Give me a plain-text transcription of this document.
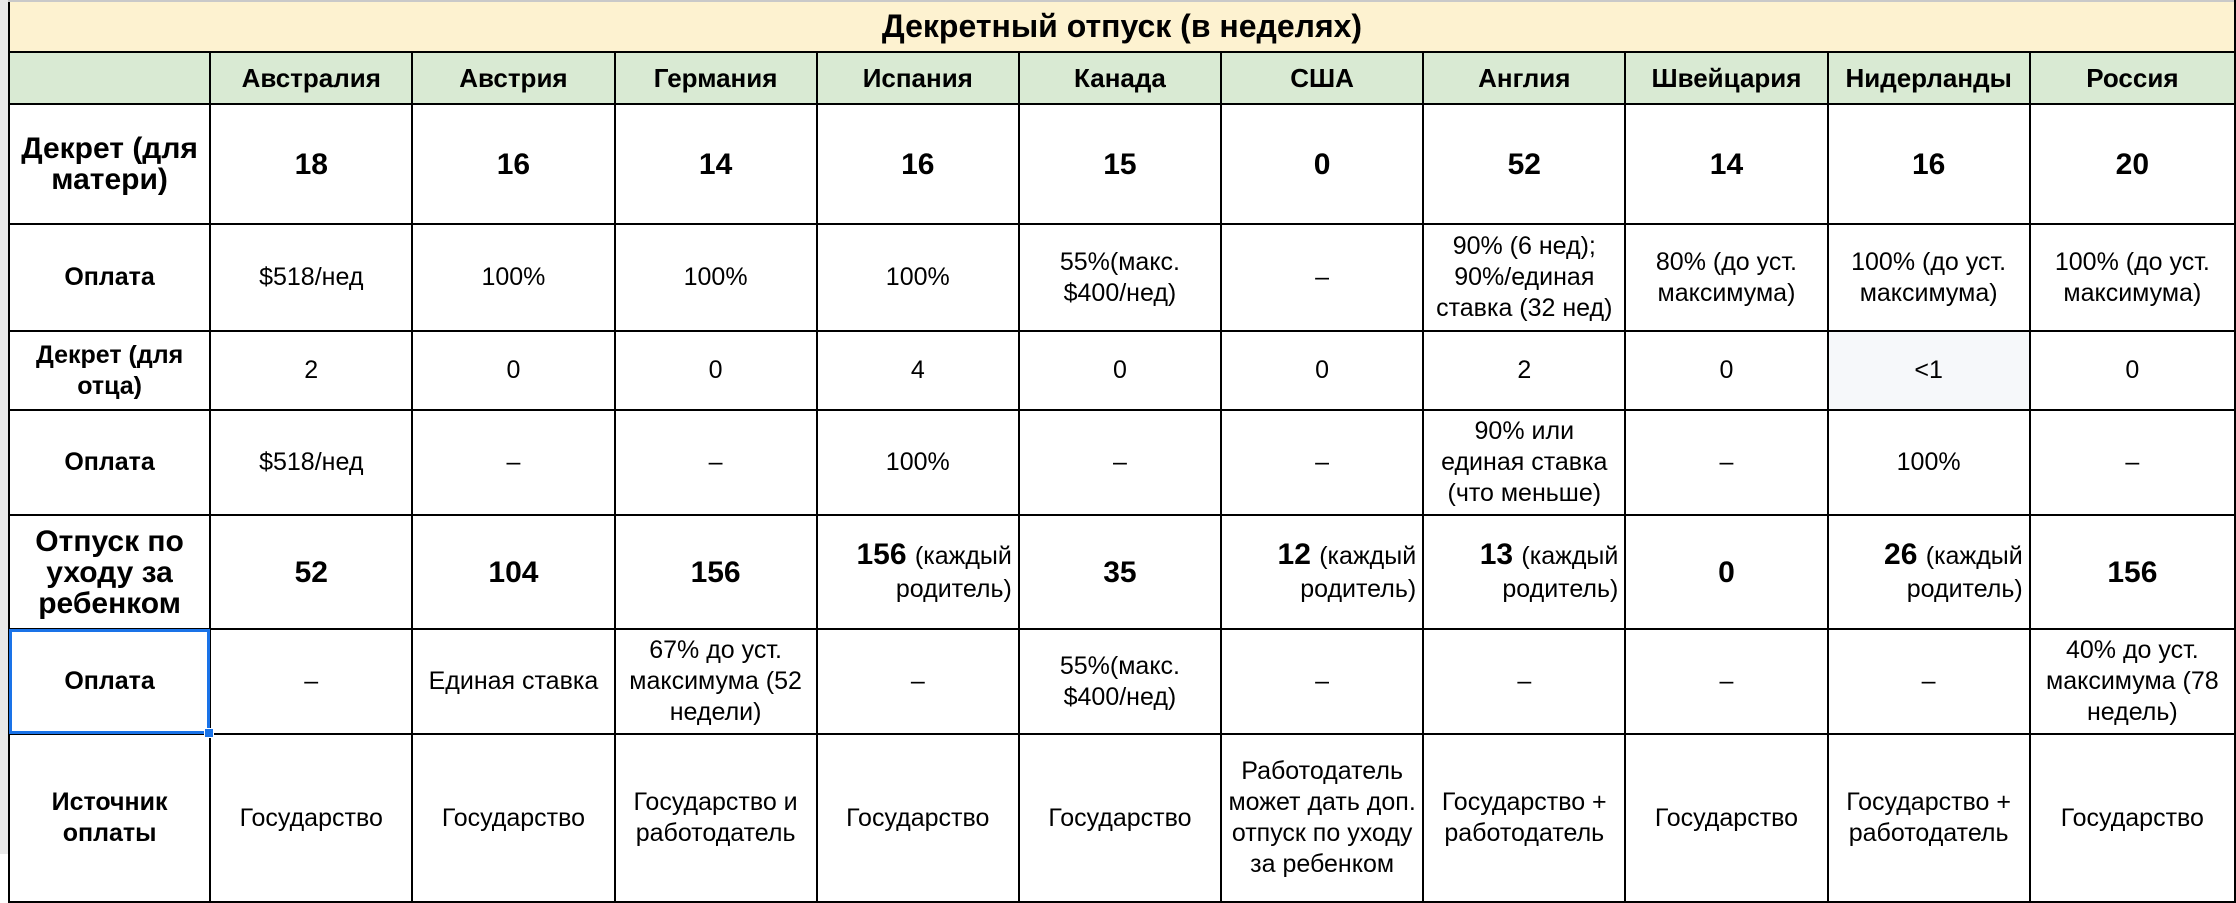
Декретный отпуск (в неделях)										
	Австралия	Австрия	Германия	Испания	Канада	США	Англия	Швейцария	Нидерланды	Россия
Декрет (для матери)	18	16	14	16	15	0	52	14	16	20
Оплата	$518/нед	100%	100%	100%	55%(макс. $400/нед)	–	90% (6 нед); 90%/единая ставка (32 нед)	80% (до уст. максимума)	100% (до уст. максимума)	100% (до уст. максимума)
Декрет (для отца)	2	0	0	4	0	0	2	0	<1	0
Оплата	$518/нед	–	–	100%	–	–	90% или единая ставка (что меньше)	–	100%	–
Отпуск по уходу за ребенком	52	104	156	156 (каждый родитель)	35	12 (каждый родитель)	13 (каждый родитель)	0	26 (каждый родитель)	156
Оплата	–	Единая ставка	67% до уст. максимума (52 недели)	–	55%(макс. $400/нед)	–	–	–	–	40% до уст. максимума (78 недель)
Источник оплаты	Государство	Государство	Государство и работодатель	Государство	Государство	Работодатель может дать доп. отпуск по уходу за ребенком	Государство + работодатель	Государство	Государство + работодатель	Государство
